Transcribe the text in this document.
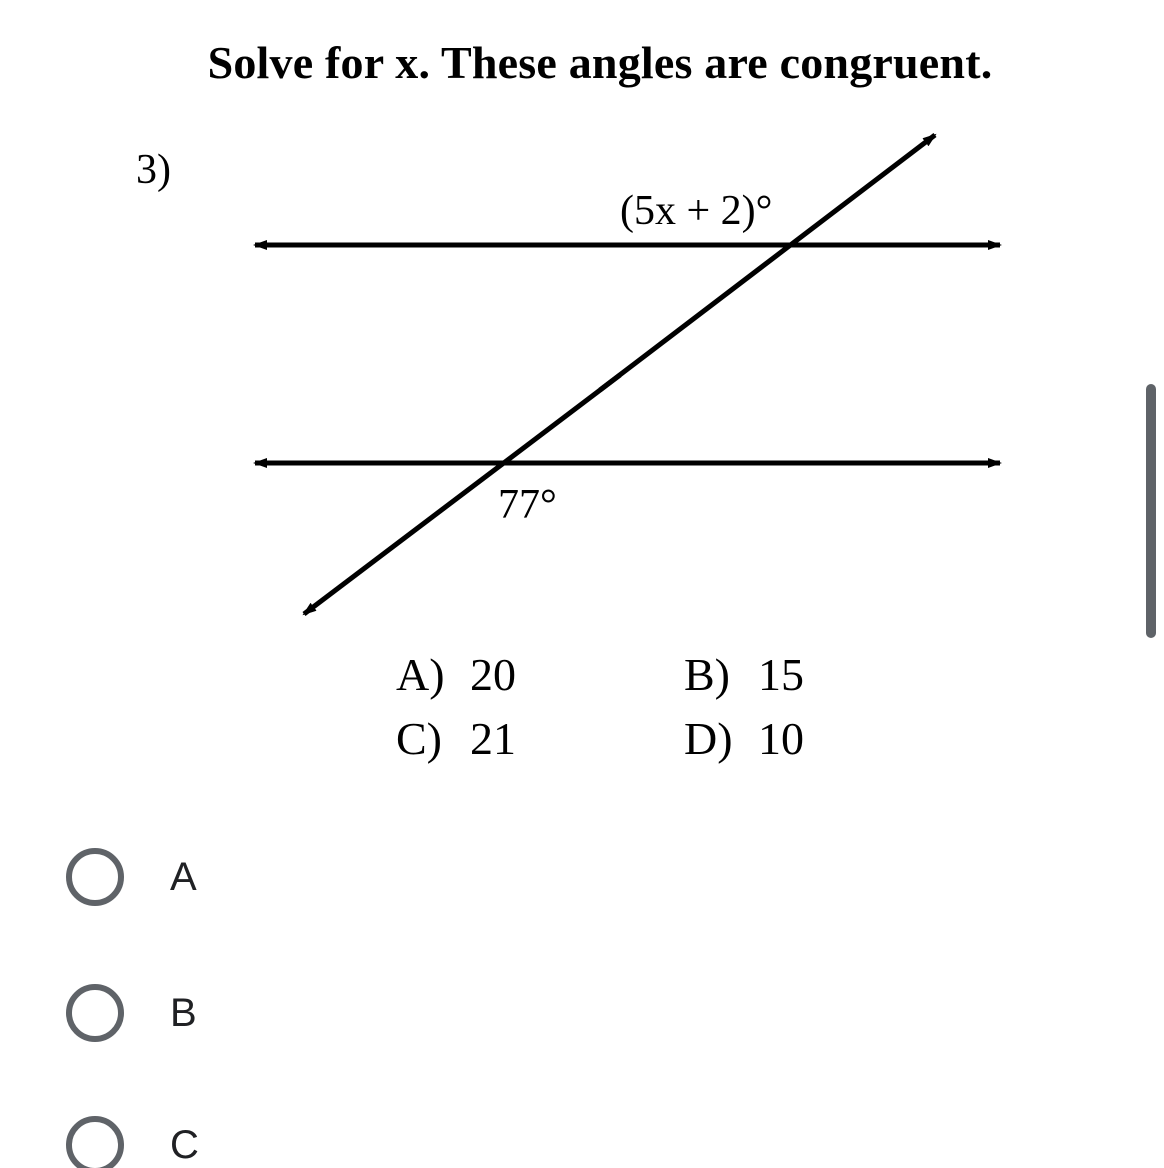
Solve for x. These angles are congruent.
3)
(5x + 2)°
77°
A) 20	B) 15
C) 21	D) 10
A
B
C
